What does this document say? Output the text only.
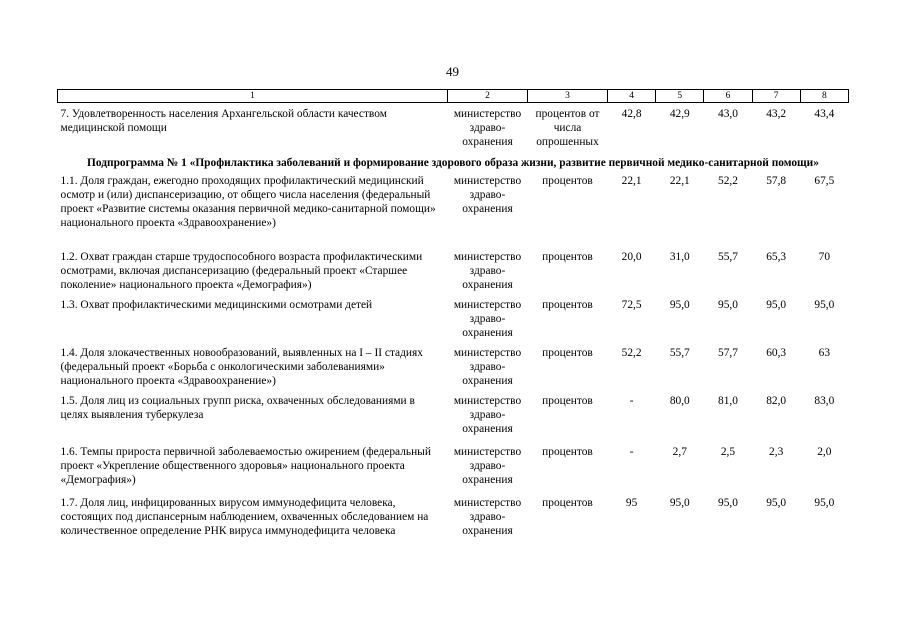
49
1	2	3	4	5	6	7	8
7. Удовлетворенность населения Архангельской области качеством медицинской помощи	министерство здраво-охранения	процентов от числа опрошенных	42,8	42,9	43,0	43,2	43,4
Подпрограмма № 1 «Профилактика заболеваний и формирование здорового образа жизни, развитие первичной медико-санитарной помощи»							
1.1. Доля граждан, ежегодно проходящих профилактический медицинский осмотр и (или) диспансеризацию, от общего числа населения (федеральный проект «Развитие системы оказания первичной медико-санитарной помощи» национального проекта «Здравоохранение»)	министерство здраво-охранения	процентов	22,1	22,1	52,2	57,8	67,5
1.2. Охват граждан старше трудоспособного возраста профилактическими осмотрами, включая диспансеризацию (федеральный проект «Старшее поколение» национального проекта «Демография»)	министерство здраво-охранения	процентов	20,0	31,0	55,7	65,3	70
1.3. Охват профилактическими медицинскими осмотрами детей	министерство здраво-охранения	процентов	72,5	95,0	95,0	95,0	95,0
1.4. Доля злокачественных новообразований, выявленных на I – II стадиях (федеральный проект «Борьба с онкологическими заболеваниями» национального проекта «Здравоохранение»)	министерство здраво-охранения	процентов	52,2	55,7	57,7	60,3	63
1.5. Доля лиц из социальных групп риска, охваченных обследованиями в целях выявления туберкулеза	министерство здраво-охранения	процентов	-	80,0	81,0	82,0	83,0
1.6. Темпы прироста первичной заболеваемостью ожирением (федеральный проект «Укрепление общественного здоровья» национального проекта «Демография»)	министерство здраво-охранения	процентов	-	2,7	2,5	2,3	2,0
1.7. Доля лиц, инфицированных вирусом иммунодефицита человека, состоящих под диспансерным наблюдением, охваченных обследованием на количественное определение РНК вируса иммунодефицита человека	министерство здраво-охранения	процентов	95	95,0	95,0	95,0	95,0
